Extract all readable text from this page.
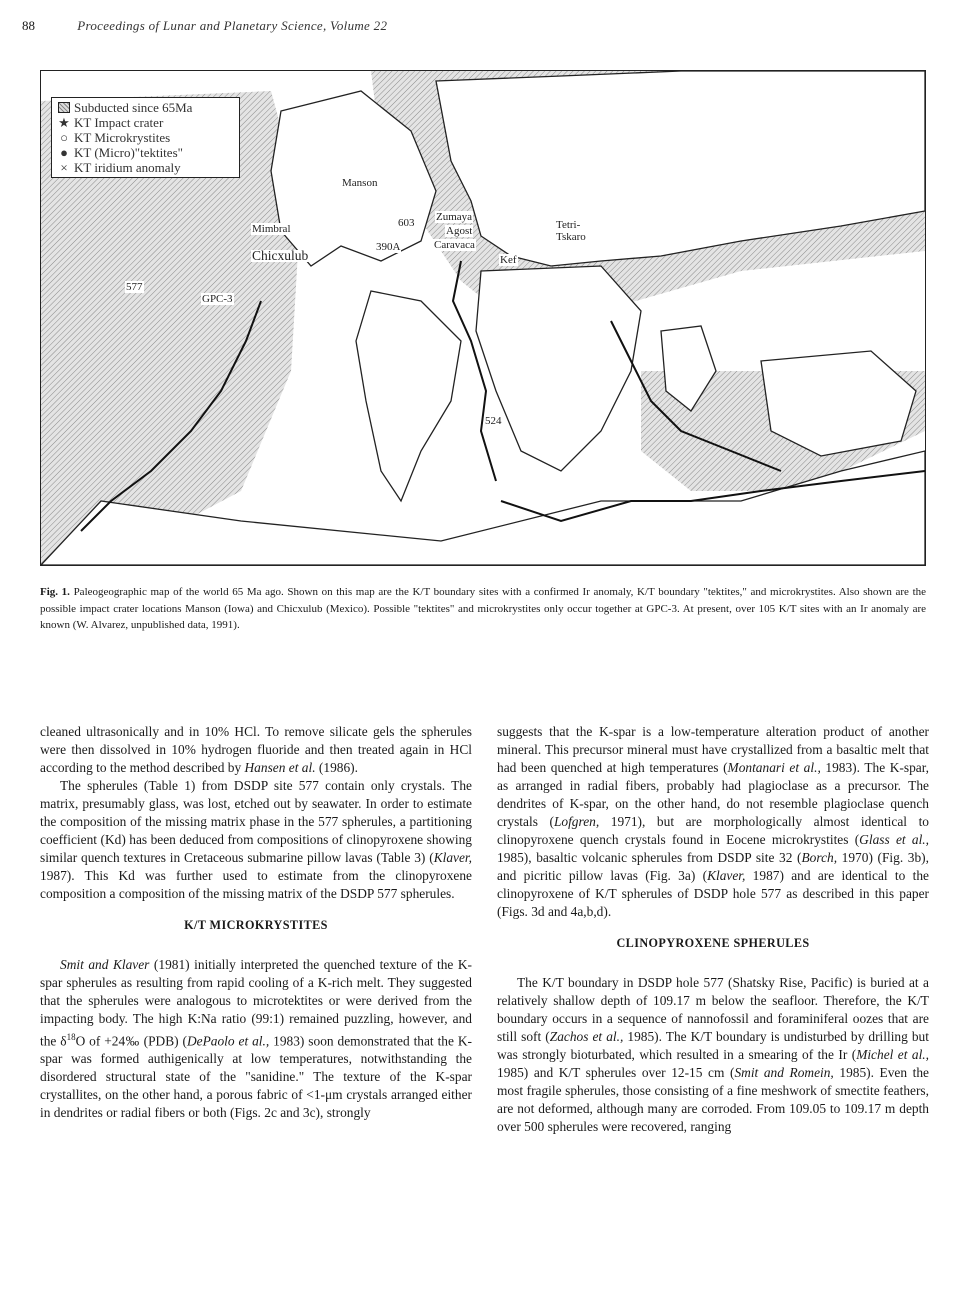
88	Proceedings of Lunar and Planetary Science, Volume 22
Subducted since 65Ma
★ KT Impact crater
○ KT Microkrystites
● KT (Micro)"tektites"
× KT iridium anomaly
Manson
Mimbral
Chicxulub
603
390A
Zumaya
Agost
Caravaca
Tetri-
Tskaro
Kef
577
GPC-3
524
Fig. 1. Paleogeographic map of the world 65 Ma ago. Shown on this map are the K/T boundary sites with a confirmed Ir anomaly, K/T boundary "tektites," and microkrystites. Also shown are the possible impact crater locations Manson (Iowa) and Chicxulub (Mexico). Possible "tektites" and microkrystites only occur together at GPC-3. At present, over 105 K/T sites with an Ir anomaly are known (W. Alvarez, unpublished data, 1991).

cleaned ultrasonically and in 10% HCl. To remove silicate gels the spherules were then dissolved in 10% hydrogen fluoride and then treated again in HCl according to the method described by Hansen et al. (1986).

The spherules (Table 1) from DSDP site 577 contain only crystals. The matrix, presumably glass, was lost, etched out by seawater. In order to estimate the composition of the missing matrix phase in the 577 spherules, a partitioning coefficient (Kd) has been deduced from compositions of clinopyroxene showing similar quench textures in Cretaceous submarine pillow lavas (Table 3) (Klaver, 1987). This Kd was further used to estimate from the clinopyroxene composition a composition of the missing matrix of the DSDP 577 spherules.

K/T MICROKRYSTITES

Smit and Klaver (1981) initially interpreted the quenched texture of the K-spar spherules as resulting from rapid cooling of a K-rich melt. They suggested that the spherules were analogous to microtektites or were derived from the impacting body. The high K:Na ratio (99:1) remained puzzling, however, and the $\delta^{18}O$ of +24‰ (PDB) (DePaolo et al., 1983) soon demonstrated that the K-spar was formed authigenically at low temperatures, notwithstanding the disordered structural state of the "sanidine." The texture of the K-spar crystallites, on the other hand, a porous fabric of <1-μm crystals arranged either in dendrites or radial fibers or both (Figs. 2c and 3c), strongly

suggests that the K-spar is a low-temperature alteration product of another mineral. This precursor mineral must have crystallized from a basaltic melt that had been quenched at high temperatures (Montanari et al., 1983). The K-spar, as arranged in radial fibers, probably had plagioclase as a precursor. The dendrites of K-spar, on the other hand, do not resemble plagioclase quench crystals (Lofgren, 1971), but are morphologically almost identical to clinopyroxene quench crystals found in Eocene microkrystites (Glass et al., 1985), basaltic volcanic spherules from DSDP site 32 (Borch, 1970) (Fig. 3b), and picritic pillow lavas (Fig. 3a) (Klaver, 1987) and are identical to the clinopyroxene of K/T spherules of DSDP hole 577 as described in this paper (Figs. 3d and 4a,b,d).

CLINOPYROXENE SPHERULES

The K/T boundary in DSDP hole 577 (Shatsky Rise, Pacific) is buried at a relatively shallow depth of 109.17 m below the seafloor. Therefore, the K/T boundary occurs in a sequence of nannofossil and foraminiferal oozes that are still soft (Zachos et al., 1985). The K/T boundary is undisturbed by drilling but was strongly bioturbated, which resulted in a smearing of the Ir (Michel et al., 1985) and K/T spherules over 12-15 cm (Smit and Romein, 1985). Even the most fragile spherules, those consisting of a fine meshwork of smectite feathers, are not deformed, although many are corroded. From 109.05 to 109.17 m depth over 500 spherules were recovered, ranging
